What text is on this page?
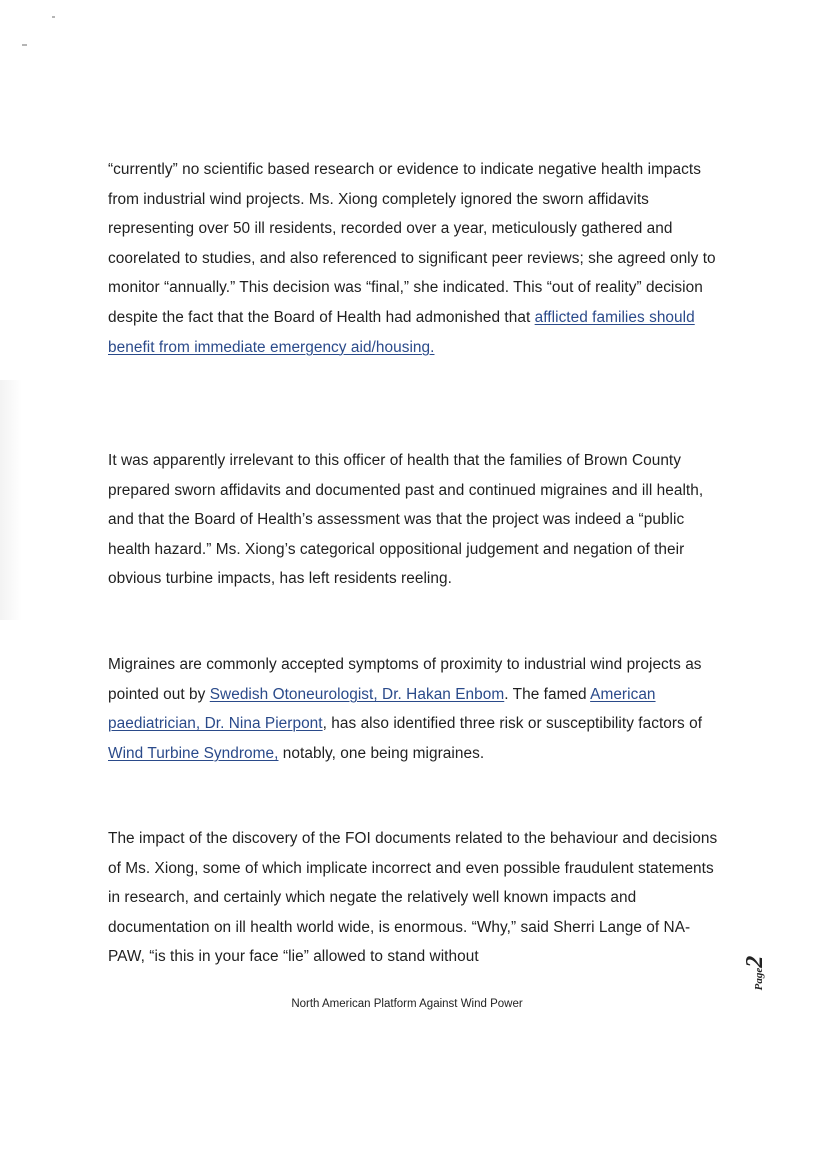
“currently” no scientific based research or evidence to indicate negative health impacts from industrial wind projects. Ms. Xiong completely ignored the sworn affidavits representing over 50 ill residents, recorded over a year, meticulously gathered and coorelated to studies, and also referenced to significant peer reviews; she agreed only to monitor “annually.” This decision was “final,” she indicated. This “out of reality” decision despite the fact that the Board of Health had admonished that afflicted families should benefit from immediate emergency aid/housing.

It was apparently irrelevant to this officer of health that the families of Brown County prepared sworn affidavits and documented past and continued migraines and ill health, and that the Board of Health’s assessment was that the project was indeed a “public health hazard.” Ms. Xiong’s categorical oppositional judgement and negation of their obvious turbine impacts, has left residents reeling.

Migraines are commonly accepted symptoms of proximity to industrial wind projects as pointed out by Swedish Otoneurologist, Dr. Hakan Enbom. The famed American paediatrician, Dr. Nina Pierpont, has also identified three risk or susceptibility factors of Wind Turbine Syndrome, notably, one being migraines.

The impact of the discovery of the FOI documents related to the behaviour and decisions of Ms. Xiong, some of which implicate incorrect and even possible fraudulent statements in research, and certainly which negate the relatively well known impacts and documentation on ill health world wide, is enormous. “Why,” said Sherri Lange of NA-PAW, “is this in your face “lie” allowed to stand without

Page
2
North American Platform Against Wind Power
